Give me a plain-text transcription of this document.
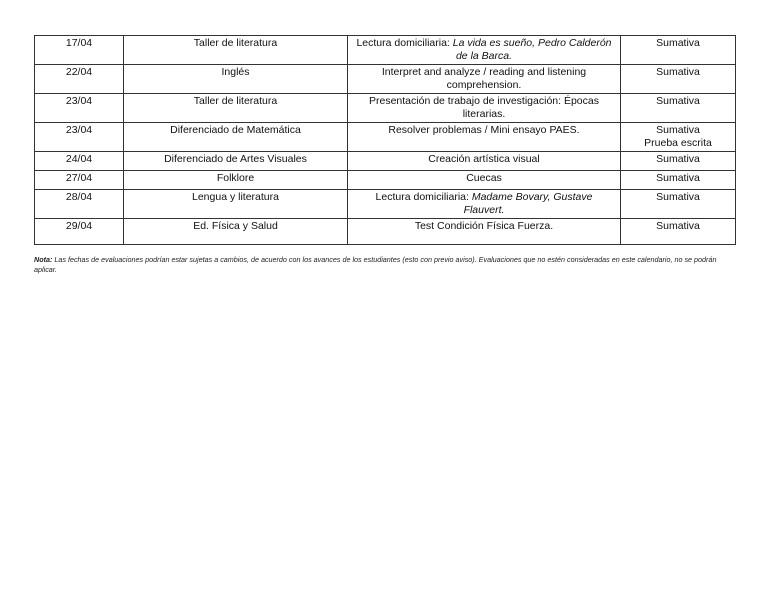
17/04	Taller de literatura	Lectura domiciliaria: La vida es sueño, Pedro Calderón de la Barca.	Sumativa

22/04	Inglés	Interpret and analyze / reading and listening comprehension.	Sumativa

23/04	Taller de literatura	Presentación de trabajo de investigación: Épocas literarias.	Sumativa

23/04	Diferenciado de Matemática	Resolver problemas / Mini ensayo PAES.	Sumativa
Prueba escrita

24/04	Diferenciado de Artes Visuales	Creación artística visual	Sumativa

27/04	Folklore	Cuecas	Sumativa

28/04	Lengua y literatura	Lectura domiciliaria: Madame Bovary, Gustave Flauvert.	Sumativa

29/04	Ed. Física y Salud	Test Condición Física Fuerza.	Sumativa
Nota: Las fechas de evaluaciones podrían estar sujetas a cambios, de acuerdo con los avances de los estudiantes (esto con previo aviso). Evaluaciones que no estén consideradas en este calendario, no se podrán aplicar.
